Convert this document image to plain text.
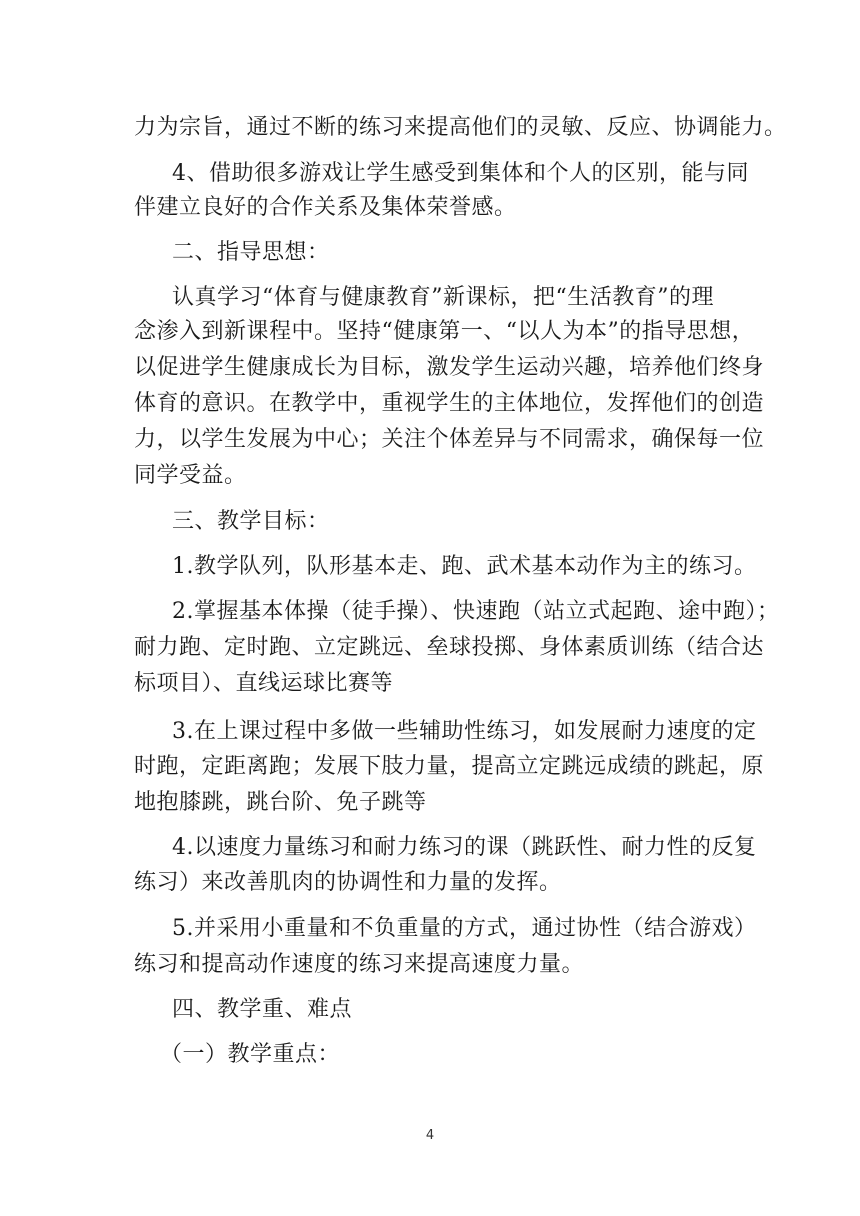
力为宗旨，通过不断的练习来提高他们的灵敏、反应、协调能力。
4、借助很多游戏让学生感受到集体和个人的区别，能与同
伴建立良好的合作关系及集体荣誉感。
二、指导思想：
认真学习“体育与健康教育”新课标，把“生活教育”的理
念渗入到新课程中。坚持“健康第一、“以人为本”的指导思想，
以促进学生健康成长为目标，激发学生运动兴趣，培养他们终身
体育的意识。在教学中，重视学生的主体地位，发挥他们的创造
力，以学生发展为中心；关注个体差异与不同需求，确保每一位
同学受益。
三、教学目标：
1.教学队列，队形基本走、跑、武术基本动作为主的练习。
2.掌握基本体操（徒手操）、快速跑（站立式起跑、途中跑）；
耐力跑、定时跑、立定跳远、垒球投掷、身体素质训练（结合达
标项目）、直线运球比赛等
3.在上课过程中多做一些辅助性练习，如发展耐力速度的定
时跑，定距离跑；发展下肢力量，提高立定跳远成绩的跳起，原
地抱膝跳，跳台阶、免子跳等
4.以速度力量练习和耐力练习的课（跳跃性、耐力性的反复
练习）来改善肌肉的协调性和力量的发挥。
5.并采用小重量和不负重量的方式，通过协性（结合游戏）
练习和提高动作速度的练习来提高速度力量。
四、教学重、难点
（一）教学重点：
4
